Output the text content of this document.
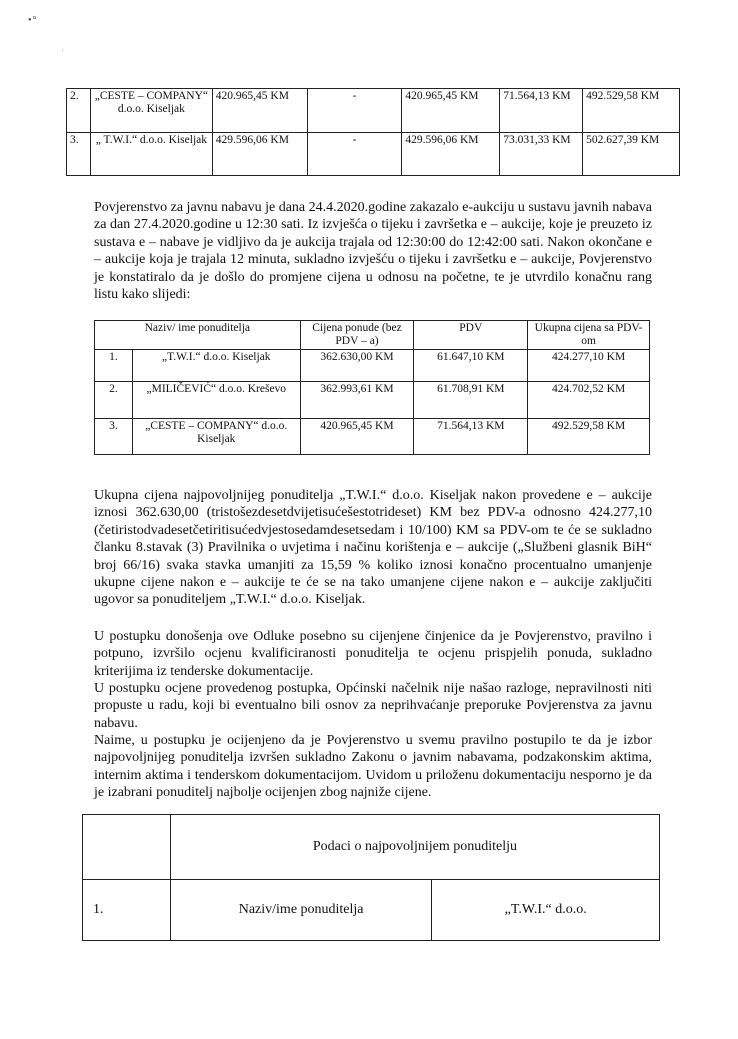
•°
ˈ
2.	„CESTE – COMPANY“ d.o.o. Kiseljak	420.965,45 KM	-	420.965,45 KM	71.564,13 KM	492.529,58 KM
3.	„ T.W.I.“ d.o.o. Kiseljak	429.596,06 KM	-	429.596,06 KM	73.031,33 KM	502.627,39 KM

Povjerenstvo za javnu nabavu je dana 24.4.2020.godine zakazalo e-aukciju u sustavu javnih nabava za dan 27.4.2020.godine u 12:30 sati. Iz izvješća o tijeku i završetka e – aukcije, koje je preuzeto iz sustava e – nabave je vidljivo da je aukcija trajala od 12:30:00 do 12:42:00 sati. Nakon okončane e – aukcije koja je trajala 12 minuta, sukladno izvješću o tijeku i završetku e – aukcije, Povjerenstvo je konstatiralo da je došlo do promjene cijena u odnosu na početne, te je utvrdilo konačnu rang listu kako slijedi:

Naziv/ ime ponuditelja		Cijena ponude (bez PDV – a)	PDV	Ukupna cijena sa PDV-om
1.	„T.W.I.“ d.o.o. Kiseljak	362.630,00 KM	61.647,10 KM	424.277,10 KM
2.	„MILIČEVIĆ“ d.o.o. Kreševo	362.993,61 KM	61.708,91 KM	424.702,52 KM
3.	„CESTE – COMPANY“ d.o.o. Kiseljak	420.965,45 KM	71.564,13 KM	492.529,58 KM

Ukupna cijena najpovoljnijeg ponuditelja „T.W.I.“ d.o.o. Kiseljak nakon provedene e – aukcije iznosi 362.630,00 (tristošezdesetdvijetisućešestotrideset) KM bez PDV-a odnosno 424.277,10 (četiristodvadesetčetiritisućedvjestosedamdesetsedam i 10/100) KM sa PDV-om te će se sukladno članku 8.stavak (3) Pravilnika o uvjetima i načinu korištenja e – aukcije („Službeni glasnik BiH“ broj 66/16) svaka stavka umanjiti za 15,59 % koliko iznosi konačno procentualno umanjenje ukupne cijene nakon e – aukcije te će se na tako umanjene cijene nakon e – aukcije zaključiti ugovor sa ponuditeljem „T.W.I.“ d.o.o. Kiseljak.

U postupku donošenja ove Odluke posebno su cijenjene činjenice da je Povjerenstvo, pravilno i potpuno, izvršilo ocjenu kvalificiranosti ponuditelja te ocjenu prispjelih ponuda, sukladno kriterijima iz tenderske dokumentacije.

U postupku ocjene provedenog postupka, Općinski načelnik nije našao razloge, nepravilnosti niti propuste u radu, koji bi eventualno bili osnov za neprihvaćanje preporuke Povjerenstva za javnu nabavu.

Naime, u postupku je ocijenjeno da je Povjerenstvo u svemu pravilno postupilo te da je izbor najpovoljnijeg ponuditelja izvršen sukladno Zakonu o javnim nabavama, podzakonskim aktima, internim aktima i tenderskom dokumentacijom. Uvidom u priloženu dokumentaciju nesporno je da je izabrani ponuditelj najbolje ocijenjen zbog najniže cijene.

	Podaci o najpovoljnijem ponuditelju	
1.	Naziv/ime ponuditelja	„T.W.I.“ d.o.o.
